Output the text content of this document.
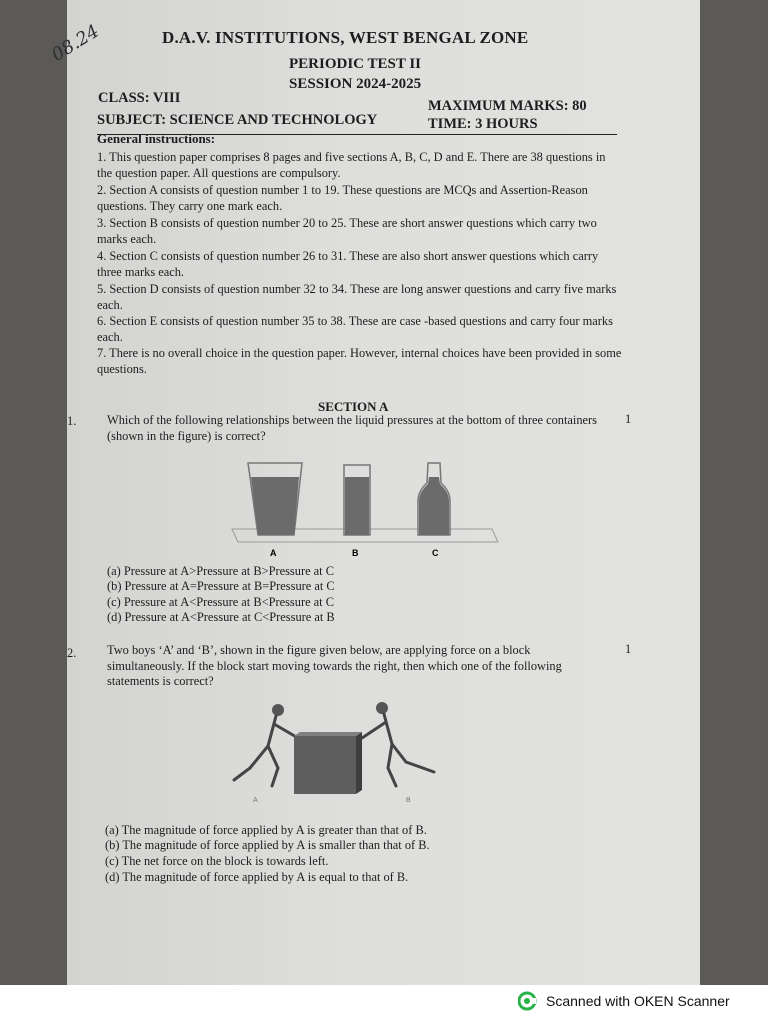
08.24	D.A.V. INSTITUTIONS, WEST BENGAL ZONE
PERIODIC TEST II
SESSION 2024-2025
CLASS: VIII	MAXIMUM MARKS: 80
SUBJECT: SCIENCE AND TECHNOLOGY	TIME: 3 HOURS
General instructions:
1. This question paper comprises 8 pages and five sections A, B, C, D and E. There are 38 questions in the question paper. All questions are compulsory.
2. Section A consists of question number 1 to 19. These questions are MCQs and Assertion-Reason questions. They carry one mark each.
3. Section B consists of question number 20 to 25. These are short answer questions which carry two marks each.
4. Section C consists of question number 26 to 31. These are also short answer questions which carry three marks each.
5. Section D consists of question number 32 to 34. These are long answer questions and carry five marks each.
6. Section E consists of question number 35 to 38. These are case -based questions and carry four marks each.
7. There is no overall choice in the question paper. However, internal choices have been provided in some questions.
SECTION A
1. Which of the following relationships between the liquid pressures at the bottom of three containers (shown in the figure) is correct?
1
A	B	C
(a) Pressure at A>Pressure at B>Pressure at C
(b) Pressure at A=Pressure at B=Pressure at C
(c) Pressure at A<Pressure at B<Pressure at C
(d) Pressure at A<Pressure at C<Pressure at B
2. Two boys ‘A’ and ‘B’, shown in the figure given below, are applying force on a block simultaneously. If the block start moving towards the right, then which one of the following statements is correct?
1
A	B
(a) The magnitude of force applied by A is greater than that of B.
(b) The magnitude of force applied by A is smaller than that of B.
(c) The net force on the block is towards left.
(d) The magnitude of force applied by A is equal to that of B.
Scanned with OKEN Scanner
